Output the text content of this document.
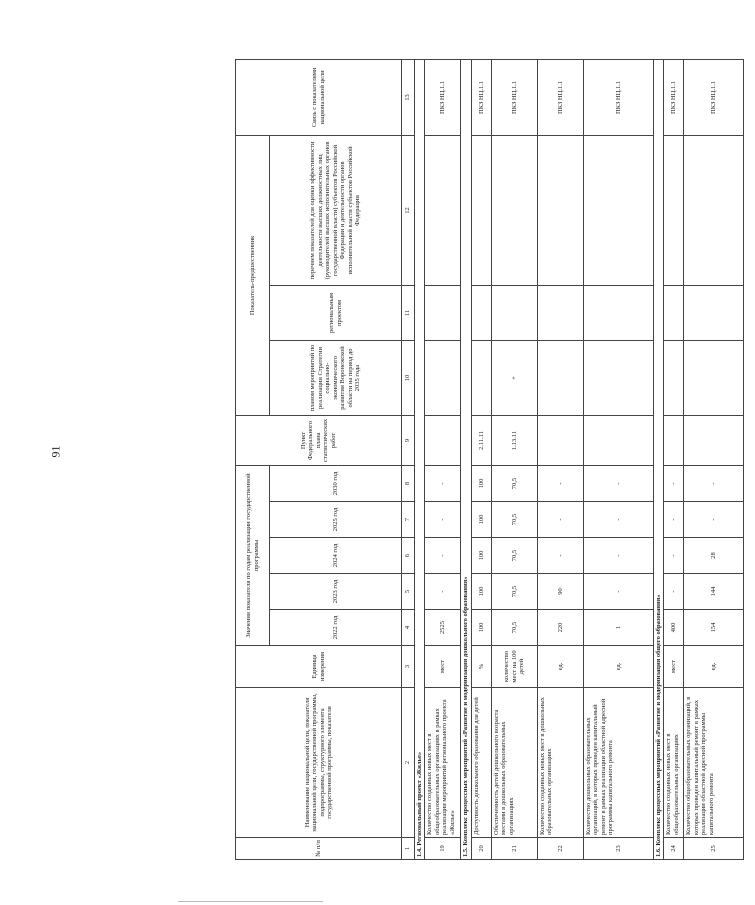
91
№ п/п	Наименование национальной цели, показателя национальной цели, государственной программы, подпрограммы, структурного элемента государственной программы, показателя	Единица измерения	Значения показателя по годам реализации государственной программы					Пункт Федерального плана статистических работ	Показатель-предшественник			Связь с показателями национальной цели
			2022 год	2023 год	2024 год	2025 год	2030 год		планом мероприятий по реализации Стратегии социально-экономического развития Воронежской области на период до 2035 года	региональным проектом	перечнем показателей для оценки эффективности деятельности высших должностных лиц (руководителей высших исполнительных органов государственной власти) субъектов Российской Федерации и деятельности органов исполнительной власти субъектов Российской Федерации	

1	2	3	4	5	6	7	8	9	10	11	12	13
1.4. Региональный проект «Жилье»												
19	Количество созданных новых мест в общеобразовательных организациях в рамках реализации мероприятий регионального проекта «Жилье»	мест	2525	-	-	-	-					ПКЗ НЦ.1.1
1.5. Комплекс процессных мероприятий «Развитие и модернизация дошкольного образования»												
20	Доступность дошкольного образования для детей	%	100	100	100	100	100	2.11.11				ПКЗ НЦ.1.1
21	Обеспеченность детей дошкольного возраста местами в дошкольных образовательных организациях	количество мест на 100 детей	70,5	70,5	70,5	70,5	70,5	1.13.11	+			ПКЗ НЦ.1.1
22	Количество созданных новых мест в дошкольных образовательных организациях	ед.	220	90	-	-	-					ПКЗ НЦ.1.1
23	Количество дошкольных образовательных организаций, в которых проведен капитальный ремонт в рамках реализации областной адресной программы капитального ремонта	ед.	1	-	-	-	-					ПКЗ НЦ.1.1
1.6. Комплекс процессных мероприятий «Развитие и модернизация общего образования»												
24	Количество созданных новых мест в общеобразовательных организациях	мест	400	-	-	-	-					ПКЗ НЦ.1.1
25	Количество общеобразовательных организаций, в которых проведен капитальный ремонт в рамках реализации областной адресной программы капитального ремонта	ед.	154	144	28	-	-					ПКЗ НЦ.1.1
